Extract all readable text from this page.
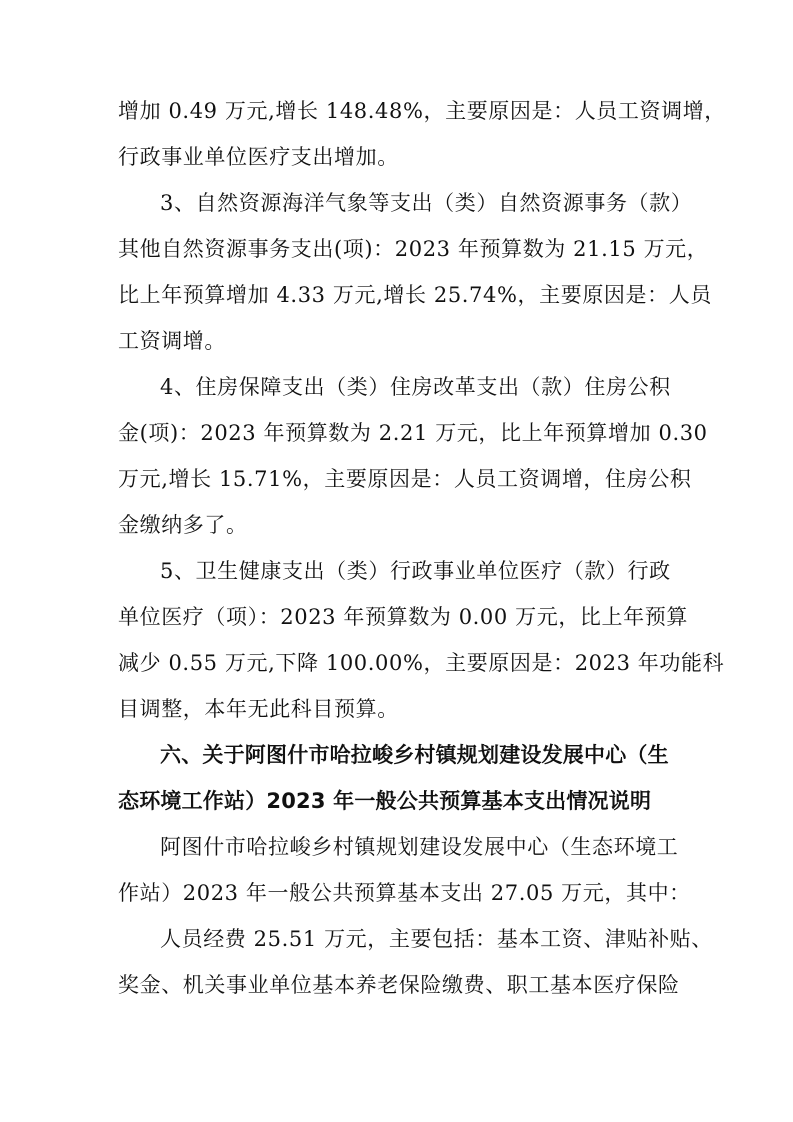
增加 0.49 万元,增长 148.48%，主要原因是：人员工资调增，
行政事业单位医疗支出增加。
3、自然资源海洋气象等支出（类）自然资源事务（款）
其他自然资源事务支出(项)：2023 年预算数为 21.15 万元，
比上年预算增加 4.33 万元,增长 25.74%，主要原因是：人员
工资调增。
4、住房保障支出（类）住房改革支出（款）住房公积
金(项)：2023 年预算数为 2.21 万元，比上年预算增加 0.30
万元,增长 15.71%，主要原因是：人员工资调增，住房公积
金缴纳多了。
5、卫生健康支出（类）行政事业单位医疗（款）行政
单位医疗（项）：2023 年预算数为 0.00 万元，比上年预算
减少 0.55 万元,下降 100.00%，主要原因是：2023 年功能科
目调整，本年无此科目预算。
六、关于阿图什市哈拉峻乡村镇规划建设发展中心（生
态环境工作站）2023 年一般公共预算基本支出情况说明
阿图什市哈拉峻乡村镇规划建设发展中心（生态环境工
作站）2023 年一般公共预算基本支出 27.05 万元，其中：
人员经费 25.51 万元，主要包括：基本工资、津贴补贴、
奖金、机关事业单位基本养老保险缴费、职工基本医疗保险
